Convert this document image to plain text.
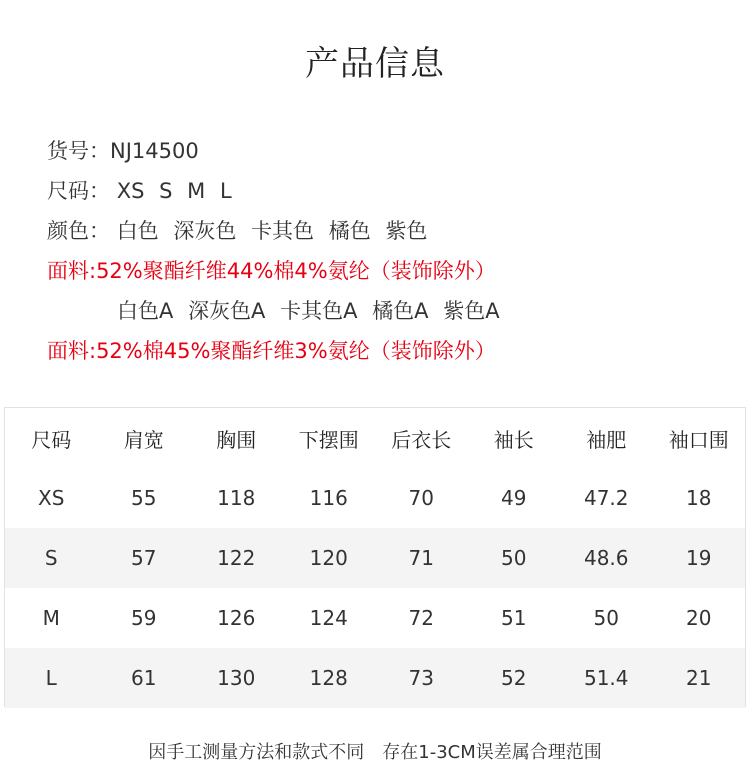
产品信息
货号：NJ14500
尺码： XS S M L
颜色： 白色 深灰色 卡其色 橘色 紫色
面料:52%聚酯纤维44%棉4%氨纶（装饰除外）
白色A 深灰色A 卡其色A 橘色A 紫色A
面料:52%棉45%聚酯纤维3%氨纶（装饰除外）
尺码	肩宽	胸围	下摆围	后衣长	袖长	袖肥	袖口围
XS	55	118	116	70	49	47.2	18
S	57	122	120	71	50	48.6	19
M	59	126	124	72	51	50	20
L	61	130	128	73	52	51.4	21
因手工测量方法和款式不同　存在1-3CM误差属合理范围
